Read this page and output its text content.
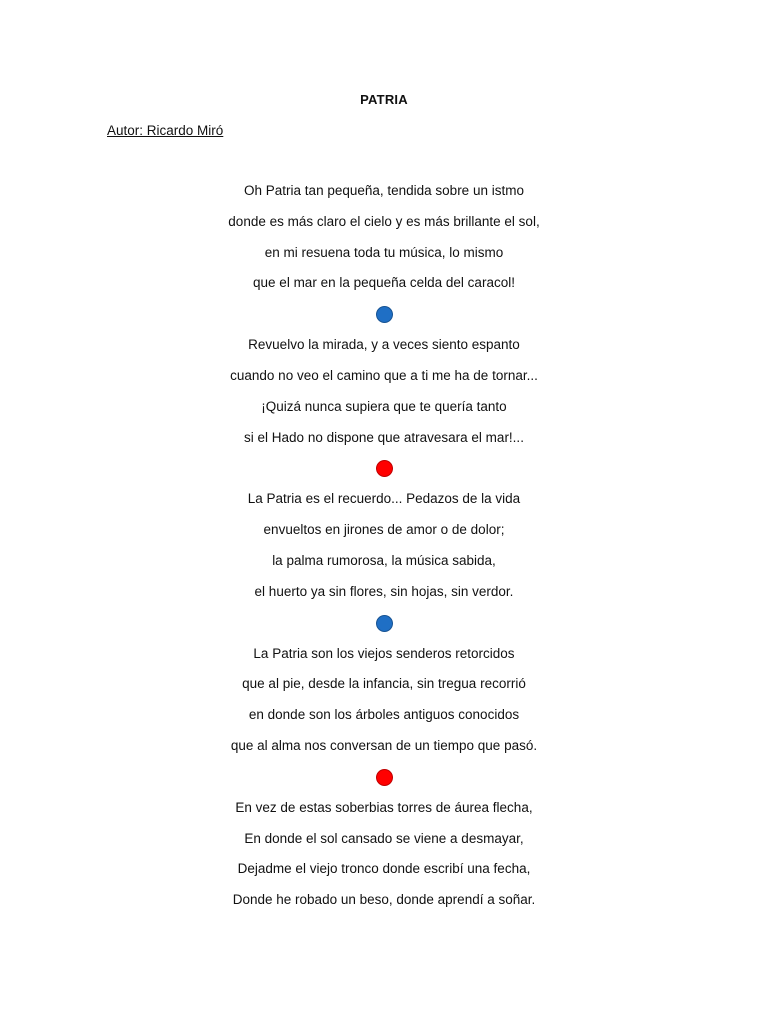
PATRIA
Autor: Ricardo Miró
Oh Patria tan pequeña, tendida sobre un istmo
donde es más claro el cielo y es más brillante el sol,
en mi resuena toda tu música, lo mismo
que el mar en la pequeña celda del caracol!
Revuelvo la mirada, y a veces siento espanto
cuando no veo el camino que a ti me ha de tornar...
¡Quizá nunca supiera que te quería tanto
si el Hado no dispone que atravesara el mar!...
La Patria es el recuerdo... Pedazos de la vida
envueltos en jirones de amor o de dolor;
la palma rumorosa, la música sabida,
el huerto ya sin flores, sin hojas, sin verdor.
La Patria son los viejos senderos retorcidos
que al pie, desde la infancia, sin tregua recorrió
en donde son los árboles antiguos conocidos
que al alma nos conversan de un tiempo que pasó.
En vez de estas soberbias torres de áurea flecha,
En donde el sol cansado se viene a desmayar,
Dejadme el viejo tronco donde escribí una fecha,
Donde he robado un beso, donde aprendí a soñar.
